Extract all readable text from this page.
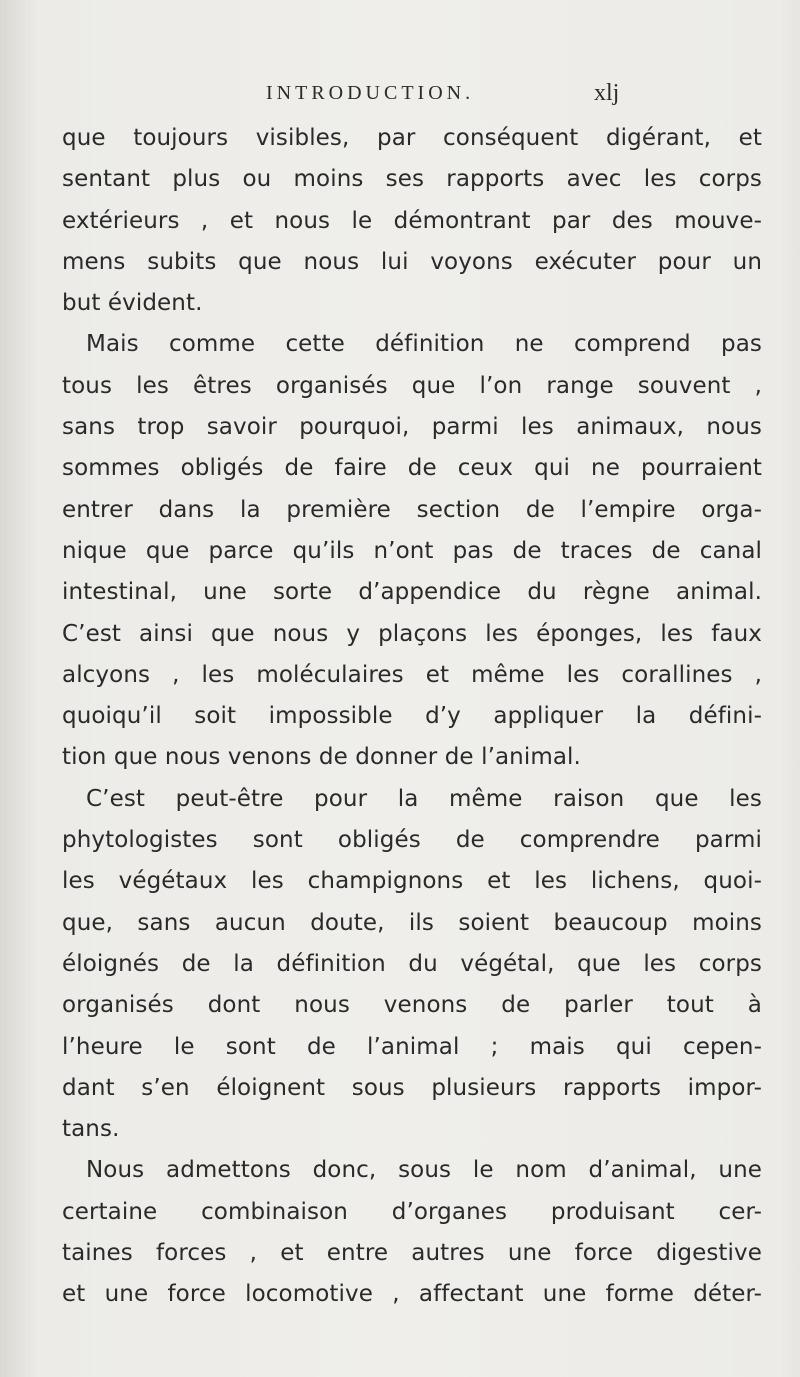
INTRODUCTION.	xlj
que toujours visibles, par conséquent digérant, et
sentant plus ou moins ses rapports avec les corps
extérieurs , et nous le démontrant par des mouve-
mens subits que nous lui voyons exécuter pour un
but évident.
Mais comme cette définition ne comprend pas
tous les êtres organisés que l’on range souvent ,
sans trop savoir pourquoi, parmi les animaux, nous
sommes obligés de faire de ceux qui ne pourraient
entrer dans la première section de l’empire orga-
nique que parce qu’ils n’ont pas de traces de canal
intestinal, une sorte d’appendice du règne animal.
C’est ainsi que nous y plaçons les éponges, les faux
alcyons , les moléculaires et même les corallines ,
quoiqu’il soit impossible d’y appliquer la défini-
tion que nous venons de donner de l’animal.
C’est peut-être pour la même raison que les
phytologistes sont obligés de comprendre parmi
les végétaux les champignons et les lichens, quoi-
que, sans aucun doute, ils soient beaucoup moins
éloignés de la définition du végétal, que les corps
organisés dont nous venons de parler tout à
l’heure le sont de l’animal ; mais qui cepen-
dant s’en éloignent sous plusieurs rapports impor-
tans.
Nous admettons donc, sous le nom d’animal, une
certaine combinaison d’organes produisant cer-
taines forces , et entre autres une force digestive
et une force locomotive , affectant une forme déter-
